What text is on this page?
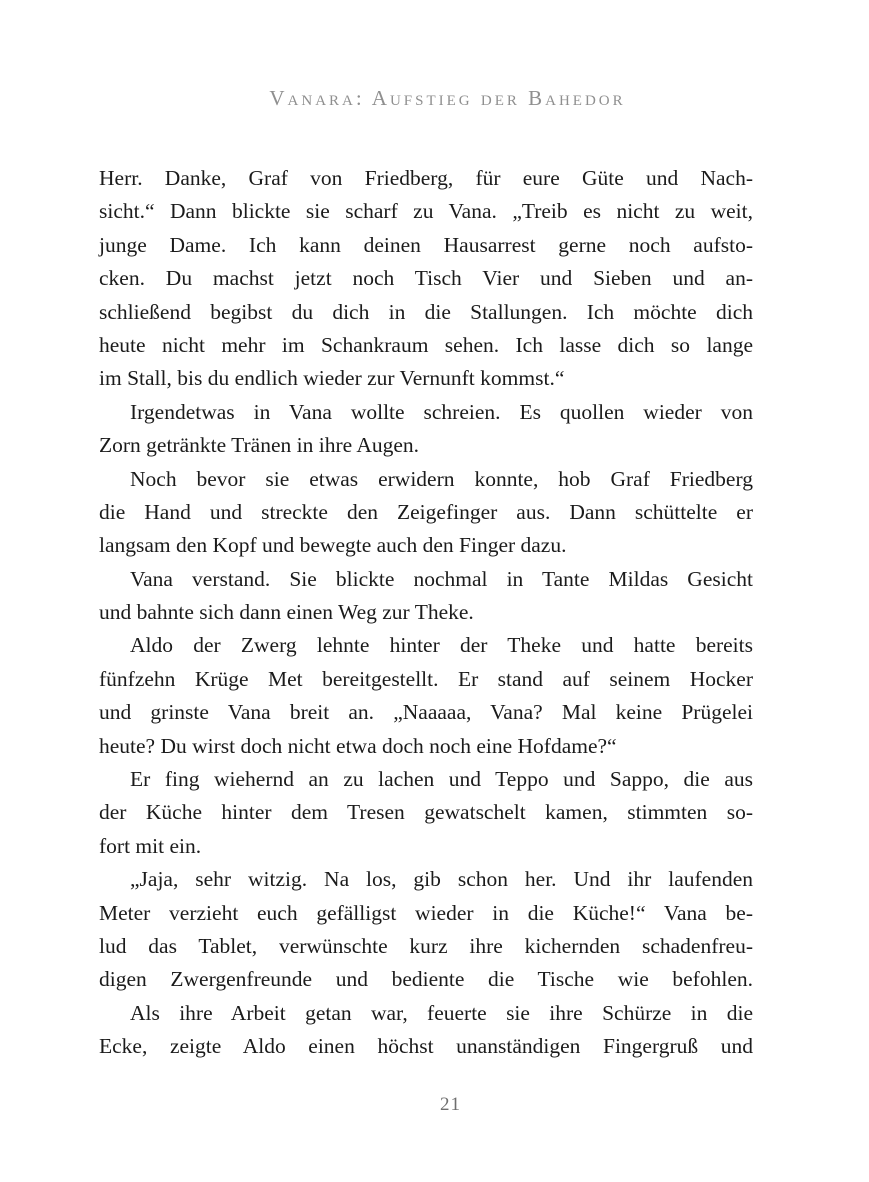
Vanara: Aufstieg der Bahedor
Herr. Danke, Graf von Friedberg, für eure Güte und Nach-
sicht.“ Dann blickte sie scharf zu Vana. „Treib es nicht zu weit,
junge Dame. Ich kann deinen Hausarrest gerne noch aufsto-
cken. Du machst jetzt noch Tisch Vier und Sieben und an-
schließend begibst du dich in die Stallungen. Ich möchte dich
heute nicht mehr im Schankraum sehen. Ich lasse dich so lange
im Stall, bis du endlich wieder zur Vernunft kommst.“
Irgendetwas in Vana wollte schreien. Es quollen wieder von
Zorn getränkte Tränen in ihre Augen.
Noch bevor sie etwas erwidern konnte, hob Graf Friedberg
die Hand und streckte den Zeigefinger aus. Dann schüttelte er
langsam den Kopf und bewegte auch den Finger dazu.
Vana verstand. Sie blickte nochmal in Tante Mildas Gesicht
und bahnte sich dann einen Weg zur Theke.
Aldo der Zwerg lehnte hinter der Theke und hatte bereits
fünfzehn Krüge Met bereitgestellt. Er stand auf seinem Hocker
und grinste Vana breit an. „Naaaaa, Vana? Mal keine Prügelei
heute? Du wirst doch nicht etwa doch noch eine Hofdame?“
Er fing wiehernd an zu lachen und Teppo und Sappo, die aus
der Küche hinter dem Tresen gewatschelt kamen, stimmten so-
fort mit ein.
„Jaja, sehr witzig. Na los, gib schon her. Und ihr laufenden
Meter verzieht euch gefälligst wieder in die Küche!“ Vana be-
lud das Tablet, verwünschte kurz ihre kichernden schadenfreu-
digen Zwergenfreunde und bediente die Tische wie befohlen.
Als ihre Arbeit getan war, feuerte sie ihre Schürze in die
Ecke, zeigte Aldo einen höchst unanständigen Fingergruß und
21
